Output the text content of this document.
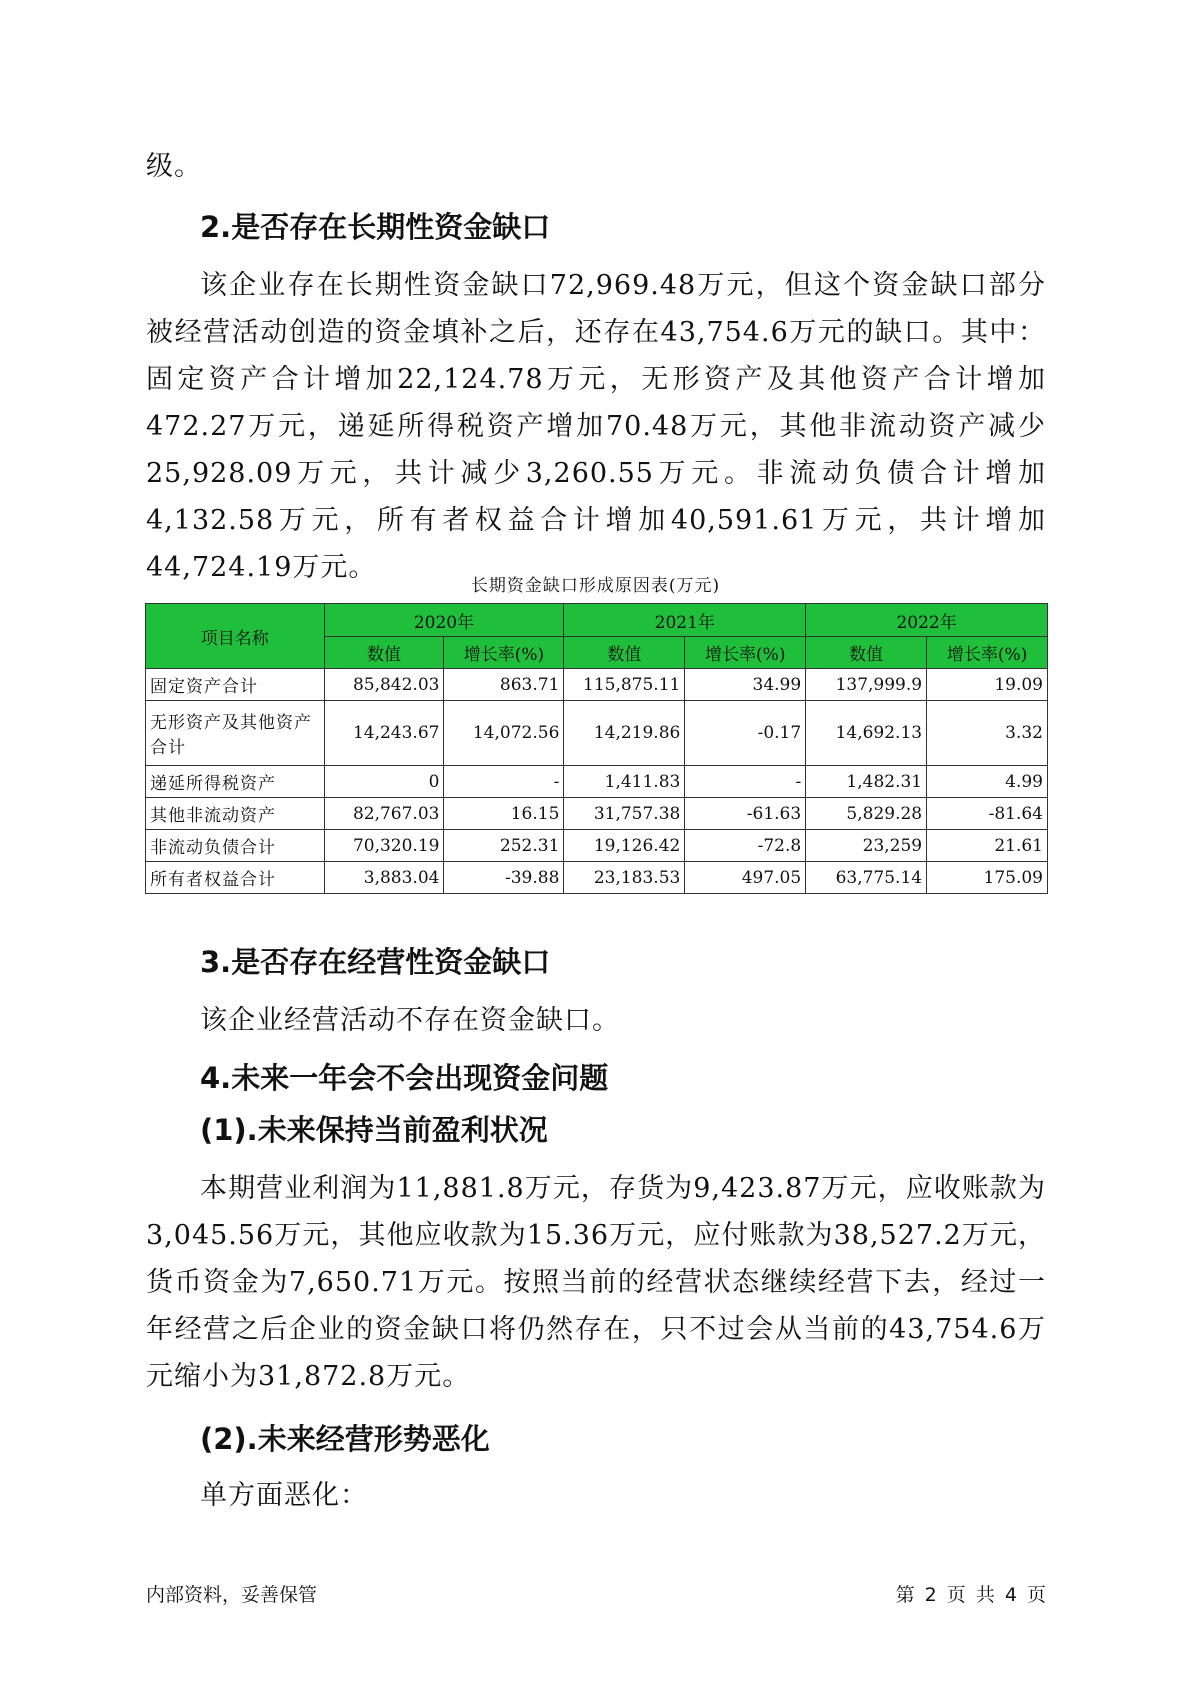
级。

2.是否存在长期性资金缺口

该企业存在长期性资金缺口72,969.48万元，但这个资金缺口部分被经营活动创造的资金填补之后，还存在43,754.6万元的缺口。其中：固定资产合计增加22,124.78万元，无形资产及其他资产合计增加472.27万元，递延所得税资产增加70.48万元，其他非流动资产减少25,928.09万元，共计减少3,260.55万元。非流动负债合计增加4,132.58万元，所有者权益合计增加40,591.61万元，共计增加44,724.19万元。

长期资金缺口形成原因表(万元)
项目名称	2020年		2021年		2022年	
	数值	增长率(%)	数值	增长率(%)	数值	增长率(%)
固定资产合计	85,842.03	863.71	115,875.11	34.99	137,999.9	19.09
无形资产及其他资产合计	14,243.67	14,072.56	14,219.86	-0.17	14,692.13	3.32
递延所得税资产	0	-	1,411.83	-	1,482.31	4.99
其他非流动资产	82,767.03	16.15	31,757.38	-61.63	5,829.28	-81.64
非流动负债合计	70,320.19	252.31	19,126.42	-72.8	23,259	21.61
所有者权益合计	3,883.04	-39.88	23,183.53	497.05	63,775.14	175.09
3.是否存在经营性资金缺口

该企业经营活动不存在资金缺口。

4.未来一年会不会出现资金问题
(1).未来保持当前盈利状况

本期营业利润为11,881.8万元，存货为9,423.87万元，应收账款为3,045.56万元，其他应收款为15.36万元，应付账款为38,527.2万元，货币资金为7,650.71万元。按照当前的经营状态继续经营下去，经过一年经营之后企业的资金缺口将仍然存在，只不过会从当前的43,754.6万元缩小为31,872.8万元。

(2).未来经营形势恶化

单方面恶化：

内部资料，妥善保管	第 2 页 共 4 页
